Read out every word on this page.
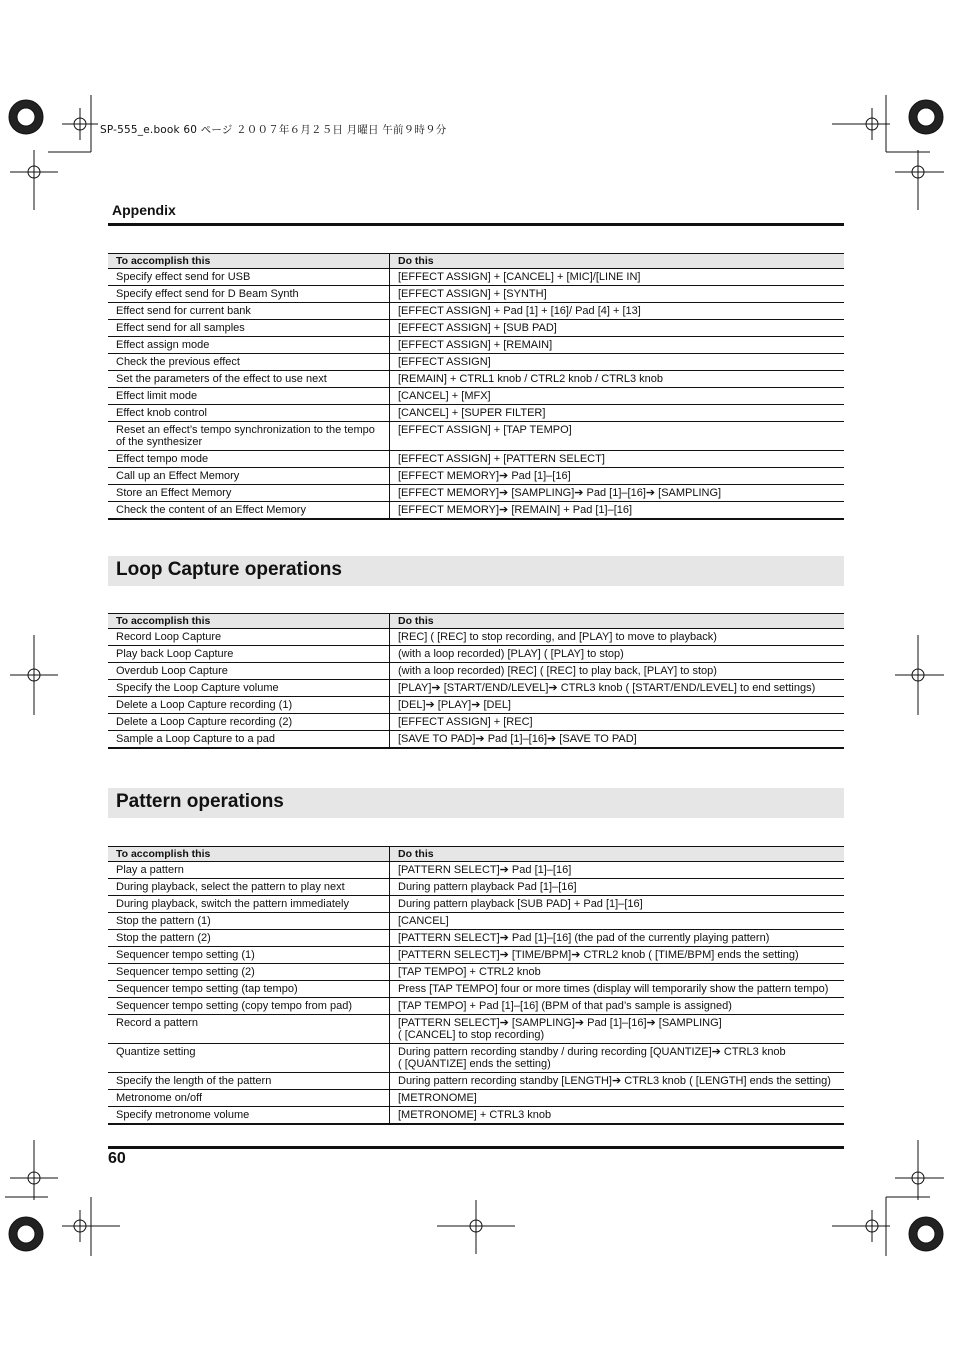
SP-555_e.book 60 ページ ２００７年６月２５日 月曜日 午前９時９分
Appendix
To accomplish this	Do this
Specify effect send for USB	[EFFECT ASSIGN] + [CANCEL] + [MIC]/[LINE IN]
Specify effect send for D Beam Synth	[EFFECT ASSIGN] + [SYNTH]
Effect send for current bank	[EFFECT ASSIGN] + Pad [1] + [16]/ Pad [4] + [13]
Effect send for all samples	[EFFECT ASSIGN] + [SUB PAD]
Effect assign mode	[EFFECT ASSIGN] + [REMAIN]
Check the previous effect	[EFFECT ASSIGN]
Set the parameters of the effect to use next	[REMAIN] + CTRL1 knob / CTRL2 knob / CTRL3 knob
Effect limit mode	[CANCEL] + [MFX]
Effect knob control	[CANCEL] + [SUPER FILTER]
Reset an effect’s tempo synchronization to the tempo of the synthesizer	[EFFECT ASSIGN] + [TAP TEMPO]
Effect tempo mode	[EFFECT ASSIGN] + [PATTERN SELECT]
Call up an Effect Memory	[EFFECT MEMORY]➔ Pad [1]–[16]
Store an Effect Memory	[EFFECT MEMORY]➔ [SAMPLING]➔ Pad [1]–[16]➔ [SAMPLING]
Check the content of an Effect Memory	[EFFECT MEMORY]➔ [REMAIN] + Pad [1]–[16]
Loop Capture operations
To accomplish this	Do this
Record Loop Capture	[REC] ( [REC] to stop recording, and [PLAY] to move to playback)
Play back Loop Capture	(with a loop recorded) [PLAY] ( [PLAY] to stop)
Overdub Loop Capture	(with a loop recorded) [REC] ( [REC] to play back, [PLAY] to stop)
Specify the Loop Capture volume	[PLAY]➔ [START/END/LEVEL]➔ CTRL3 knob ( [START/END/LEVEL] to end settings)
Delete a Loop Capture recording (1)	[DEL]➔ [PLAY]➔ [DEL]
Delete a Loop Capture recording (2)	[EFFECT ASSIGN] + [REC]
Sample a Loop Capture to a pad	[SAVE TO PAD]➔ Pad [1]–[16]➔ [SAVE TO PAD]
Pattern operations
To accomplish this	Do this
Play a pattern	[PATTERN SELECT]➔ Pad [1]–[16]
During playback, select the pattern to play next	During pattern playback Pad [1]–[16]
During playback, switch the pattern immediately	During pattern playback [SUB PAD] + Pad [1]–[16]
Stop the pattern (1)	[CANCEL]
Stop the pattern (2)	[PATTERN SELECT]➔ Pad [1]–[16] (the pad of the currently playing pattern)
Sequencer tempo setting (1)	[PATTERN SELECT]➔ [TIME/BPM]➔ CTRL2 knob ( [TIME/BPM] ends the setting)
Sequencer tempo setting (2)	[TAP TEMPO] + CTRL2 knob
Sequencer tempo setting (tap tempo)	Press [TAP TEMPO] four or more times (display will temporarily show the pattern tempo)
Sequencer tempo setting (copy tempo from pad)	[TAP TEMPO] + Pad [1]–[16] (BPM of that pad’s sample is assigned)
Record a pattern	[PATTERN SELECT]➔ [SAMPLING]➔ Pad [1]–[16]➔ [SAMPLING]
( [CANCEL] to stop recording)
Quantize setting	During pattern recording standby / during recording [QUANTIZE]➔ CTRL3 knob
( [QUANTIZE] ends the setting)
Specify the length of the pattern	During pattern recording standby [LENGTH]➔ CTRL3 knob ( [LENGTH] ends the setting)
Metronome on/off	[METRONOME]
Specify metronome volume	[METRONOME] + CTRL3 knob
60
